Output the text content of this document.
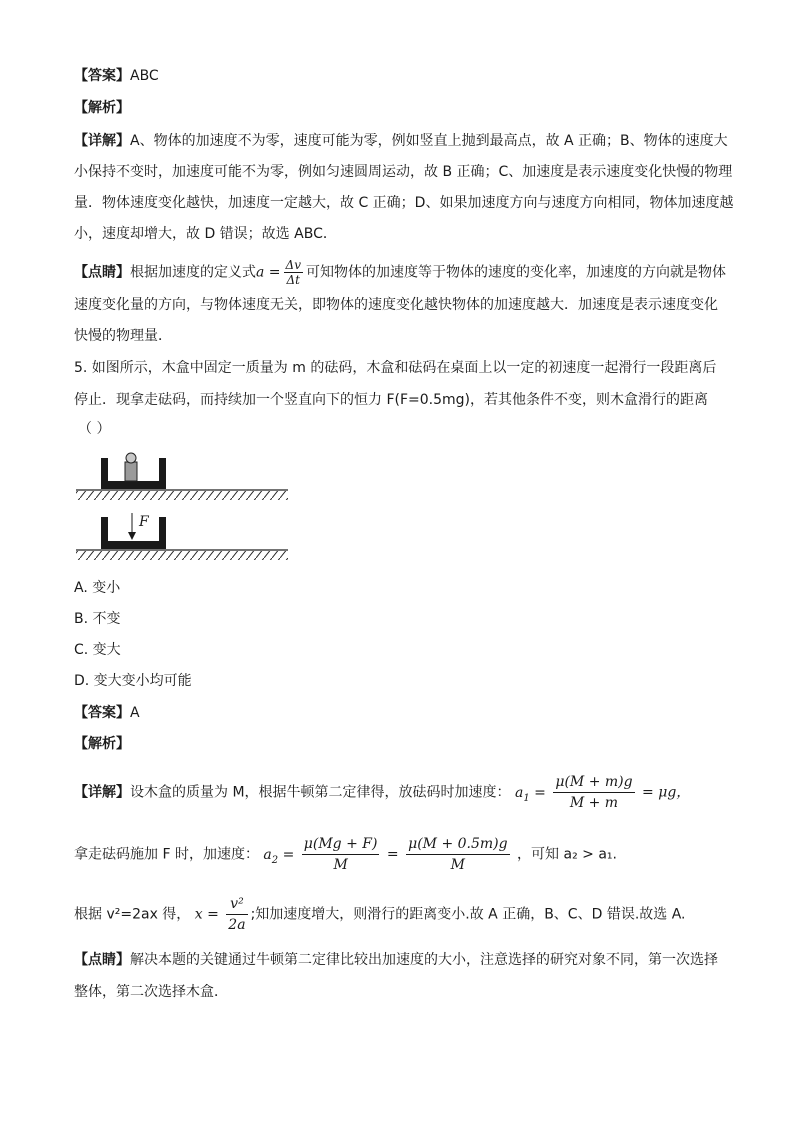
【答案】ABC
【解析】
【详解】A、物体的加速度不为零，速度可能为零，例如竖直上抛到最高点，故 A 正确；B、物体的速度大
小保持不变时，加速度可能不为零，例如匀速圆周运动，故 B 正确；C、加速度是表示速度变化快慢的物理
量．物体速度变化越快，加速度一定越大，故 C 正确；D、如果加速度方向与速度方向相同，物体加速度越
小，速度却增大，故 D 错误；故选 ABC．
【点睛】根据加速度的定义式$a = \frac{\Delta v}{\Delta t}$ 可知物体的加速度等于物体的速度的变化率，加速度的方向就是物体
速度变化量的方向，与物体速度无关，即物体的速度变化越快物体的加速度越大．加速度是表示速度变化
快慢的物理量．
5. 如图所示，木盒中固定一质量为 m 的砝码，木盒和砝码在桌面上以一定的初速度一起滑行一段距离后
停止．现拿走砝码，而持续加一个竖直向下的恒力 F(F=0.5mg)，若其他条件不变，则木盒滑行的距离
（ ）
F
A. 变小
B. 不变
C. 变大
D. 变大变小均可能
【答案】A
【解析】
【详解】设木盒的质量为 M，根据牛顿第二定律得，放砝码时加速度： $a_1 = \frac{\mu(M + m)g}{M + m} = \mu g$，
拿走砝码施加 F 时，加速度： $a_2 = \frac{\mu(Mg + F)}{M} = \frac{\mu(M + 0.5m)g}{M}$ ，可知 a₂ > a₁.
根据 v²=2ax 得， $x = \frac{\text{v²}}{2a}$ ;知加速度增大，则滑行的距离变小.故 A 正确，B、C、D 错误.故选 A.
【点睛】解决本题的关键通过牛顿第二定律比较出加速度的大小，注意选择的研究对象不同，第一次选择
整体，第二次选择木盒．
